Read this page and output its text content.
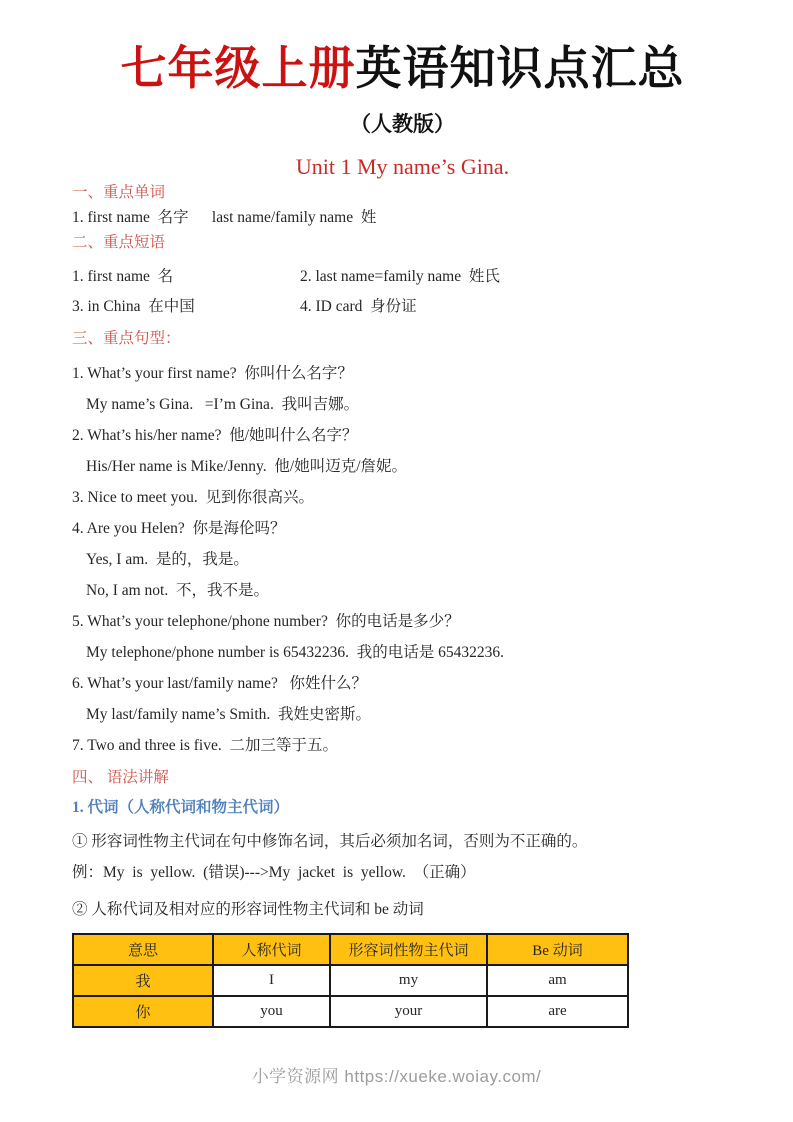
七年级上册英语知识点汇总
（人教版）
Unit 1 My name’s Gina.
一、重点单词
1. first name  名字      last name/family name  姓
二、重点短语
1. first name  名	2. last name=family name  姓氏
3. in China  在中国	4. ID card  身份证
三、重点句型：
1. What’s your first name?  你叫什么名字？
My name’s Gina.   =I’m Gina.  我叫吉娜。
2. What’s his/her name?  他/她叫什么名字？
His/Her name is Mike/Jenny.  他/她叫迈克/詹妮。
3. Nice to meet you.  见到你很高兴。
4. Are you Helen?  你是海伦吗？
Yes, I am.  是的，我是。
No, I am not.  不，我不是。
5. What’s your telephone/phone number?  你的电话是多少？
My telephone/phone number is 65432236.  我的电话是 65432236.
6. What’s your last/family name?   你姓什么？
My last/family name’s Smith.  我姓史密斯。
7. Two and three is five.  二加三等于五。
四、 语法讲解
1. 代词（人称代词和物主代词）
① 形容词性物主代词在句中修饰名词，其后必须加名词，否则为不正确的。
例：My  is  yellow.  (错误)--->My  jacket  is  yellow.  （正确）
② 人称代词及相对应的形容词性物主代词和 be 动词
意思	人称代词	形容词性物主代词	Be 动词
我	I	my	am
你	you	your	are
小学资源网 https://xueke.woiay.com/
